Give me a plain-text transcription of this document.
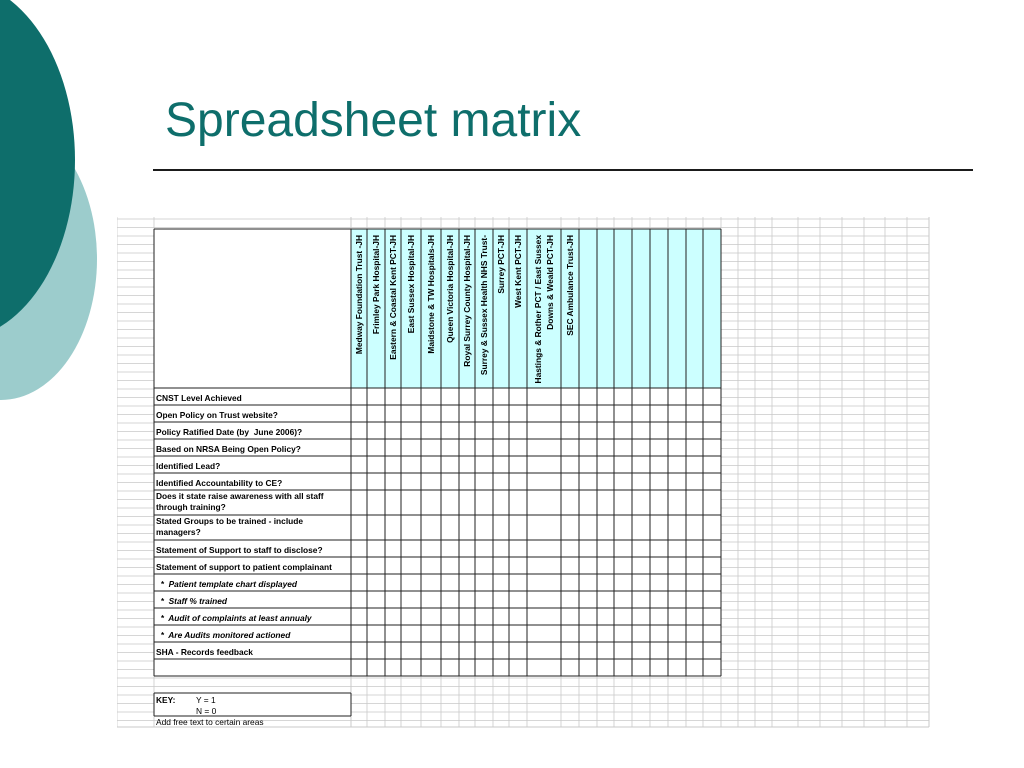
Spreadsheet matrix
Medway Foundation Trust -JH Frimley Park Hospital-JH Eastern & Coastal Kent PCT-JH East Sussex Hospital-JH Maidstone & TW Hospitals-JH Queen Victoria Hospital-JH Royal Surrey County Hospital-JH Surrey & Sussex Health NHS Trust- Surrey PCT-JH West Kent PCT-JH Hastings & Rother PCT / East Sussex Downs & Weald PCT-JH SEC Ambulance Trust-JH
CNST Level Achieved
Open Policy on Trust website?
Policy Ratified Date (by  June 2006)?
Based on NRSA Being Open Policy?
Identified Lead?
Identified Accountability to CE?
Does it state raise awareness with all staff
through training?
Stated Groups to be trained - include
managers?
Statement of Support to staff to disclose?
Statement of support to patient complainant
*  Patient template chart displayed
*  Staff % trained
*  Audit of complaints at least annualy
*  Are Audits monitored actioned
SHA - Records feedback
KEY: Y = 1
N = 0
Add free text to certain areas
